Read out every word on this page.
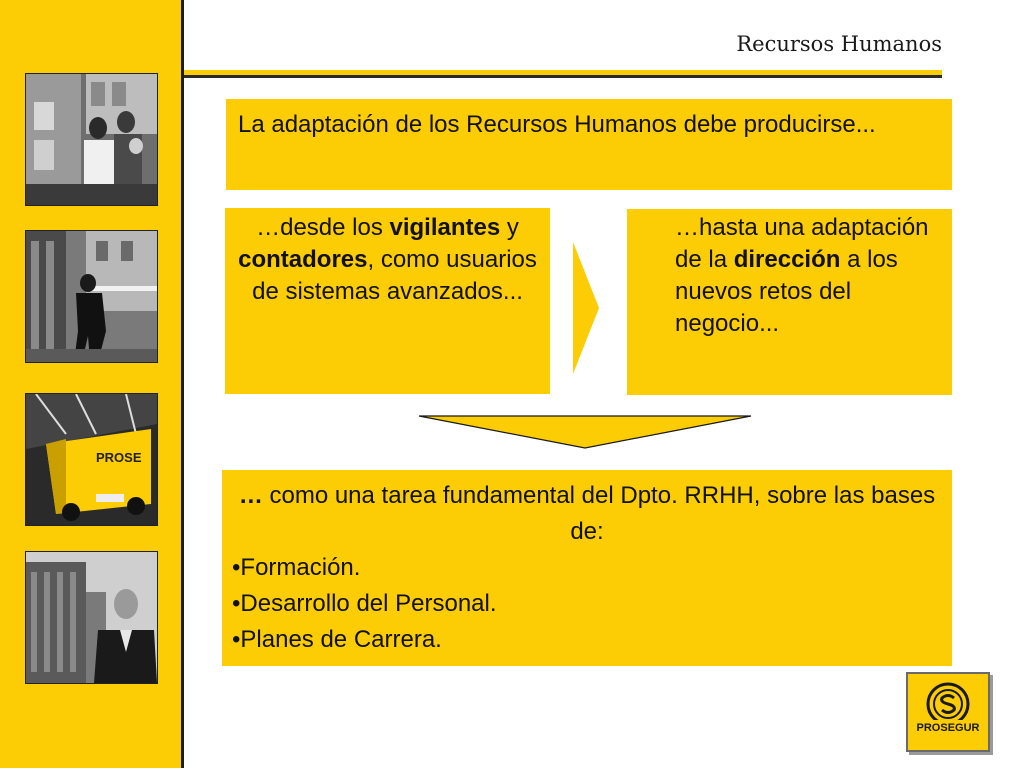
PROSE
Recursos Humanos
La adaptación de los Recursos Humanos debe producirse...
…desde los vigilantes y contadores, como usuarios de sistemas avanzados...
…hasta una adaptación de la dirección a los nuevos retos del negocio...
… como una tarea fundamental del Dpto. RRHH, sobre las bases de:
•Formación.
•Desarrollo del Personal.
•Planes de Carrera.
PROSEGUR
